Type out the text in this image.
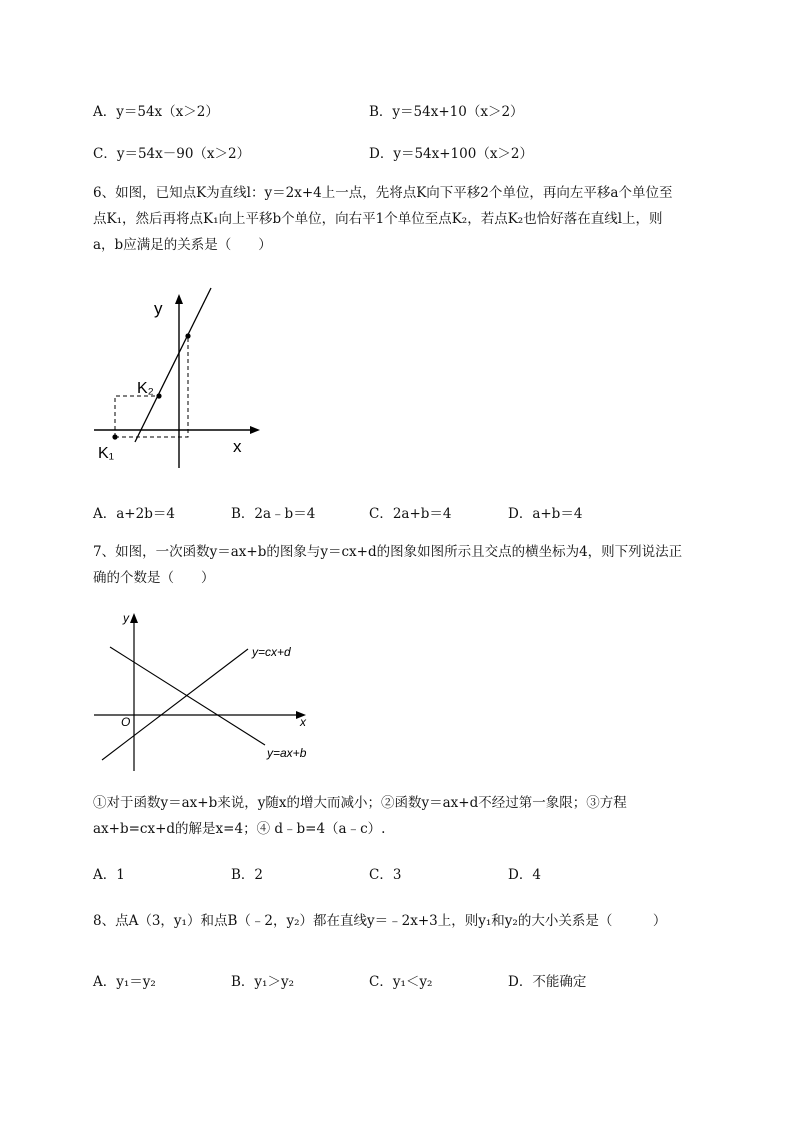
A．y＝54x（x＞2）	B．y＝54x+10（x＞2）
C．y＝54x－90（x＞2）	D．y＝54x+100（x＞2）
6、如图，已知点K为直线l：y＝2x+4上一点，先将点K向下平移2个单位，再向左平移a个单位至
点K₁，然后再将点K₁向上平移b个单位，向右平1个单位至点K₂，若点K₂也恰好落在直线l上，则
a，b应满足的关系是（　　）
y
x
K₁
K₂
A．a+2b＝4	B．2a﹣b＝4	C．2a+b＝4	D．a+b＝4
7、如图，一次函数y＝ax+b的图象与y＝cx+d的图象如图所示且交点的横坐标为4，则下列说法正
确的个数是（　　）
y
x
O
y=cx+d
y=ax+b
①对于函数y＝ax+b来说，y随x的增大而减小；②函数y＝ax+d不经过第一象限；③方程
ax+b=cx+d的解是x=4；④ d﹣b=4（a﹣c）.
A．1	B．2	C．3	D．4
8、点A（3，y₁）和点B（﹣2，y₂）都在直线y＝﹣2x+3上，则y₁和y₂的大小关系是（　　　）
A．y₁＝y₂	B．y₁＞y₂	C．y₁＜y₂	D．不能确定
